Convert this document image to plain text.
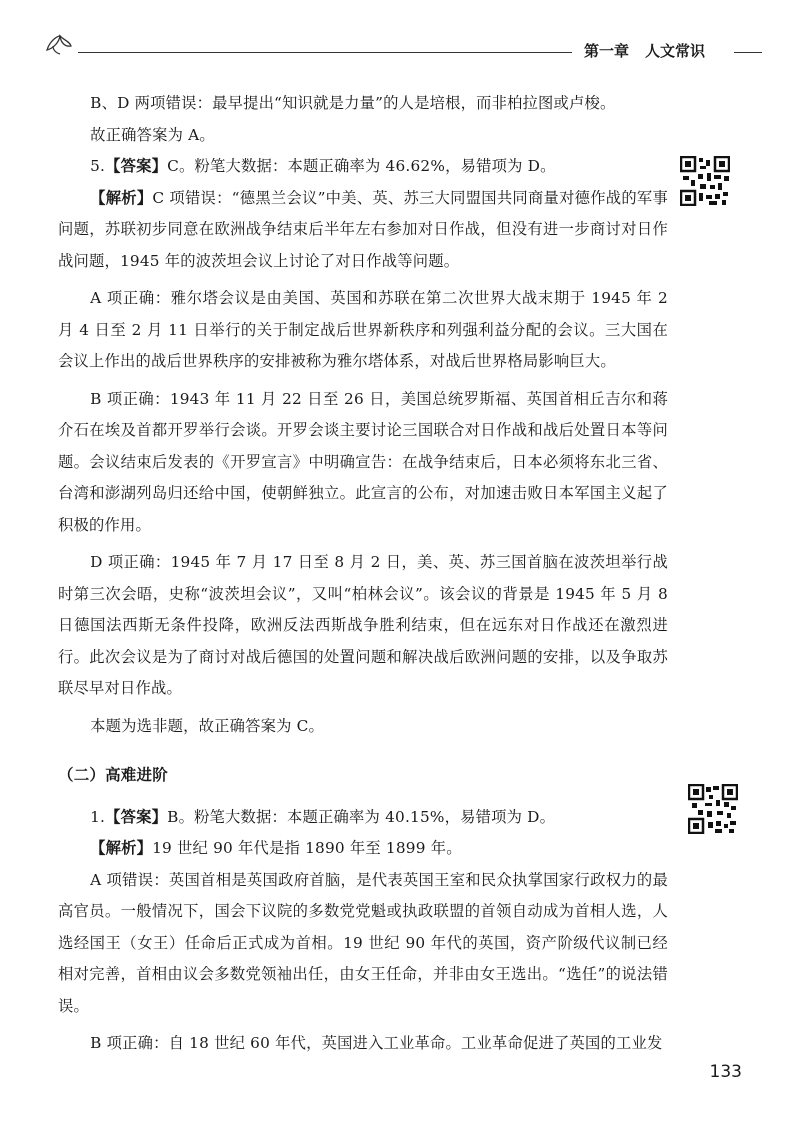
第一章 人文常识

B、D 两项错误：最早提出“知识就是力量”的人是培根，而非柏拉图或卢梭。

故正确答案为 A。

5.【答案】C。粉笔大数据：本题正确率为 46.62%，易错项为 D。

【解析】C 项错误：“德黑兰会议”中美、英、苏三大同盟国共同商量对德作战的军事问题，苏联初步同意在欧洲战争结束后半年左右参加对日作战，但没有进一步商讨对日作战问题，1945 年的波茨坦会议上讨论了对日作战等问题。

A 项正确：雅尔塔会议是由美国、英国和苏联在第二次世界大战末期于 1945 年 2 月 4 日至 2 月 11 日举行的关于制定战后世界新秩序和列强利益分配的会议。三大国在会议上作出的战后世界秩序的安排被称为雅尔塔体系，对战后世界格局影响巨大。

B 项正确：1943 年 11 月 22 日至 26 日，美国总统罗斯福、英国首相丘吉尔和蒋介石在埃及首都开罗举行会谈。开罗会谈主要讨论三国联合对日作战和战后处置日本等问题。会议结束后发表的《开罗宣言》中明确宣告：在战争结束后，日本必须将东北三省、台湾和澎湖列岛归还给中国，使朝鲜独立。此宣言的公布，对加速击败日本军国主义起了积极的作用。

D 项正确：1945 年 7 月 17 日至 8 月 2 日，美、英、苏三国首脑在波茨坦举行战时第三次会晤，史称“波茨坦会议”，又叫“柏林会议”。该会议的背景是 1945 年 5 月 8 日德国法西斯无条件投降，欧洲反法西斯战争胜利结束，但在远东对日作战还在激烈进行。此次会议是为了商讨对战后德国的处置问题和解决战后欧洲问题的安排，以及争取苏联尽早对日作战。

本题为选非题，故正确答案为 C。

（二）高难进阶

1.【答案】B。粉笔大数据：本题正确率为 40.15%，易错项为 D。

【解析】19 世纪 90 年代是指 1890 年至 1899 年。

A 项错误：英国首相是英国政府首脑，是代表英国王室和民众执掌国家行政权力的最高官员。一般情况下，国会下议院的多数党党魁或执政联盟的首领自动成为首相人选，人选经国王（女王）任命后正式成为首相。19 世纪 90 年代的英国，资产阶级代议制已经相对完善，首相由议会多数党领袖出任，由女王任命，并非由女王选出。“选任”的说法错误。

B 项正确：自 18 世纪 60 年代，英国进入工业革命。工业革命促进了英国的工业发

133
